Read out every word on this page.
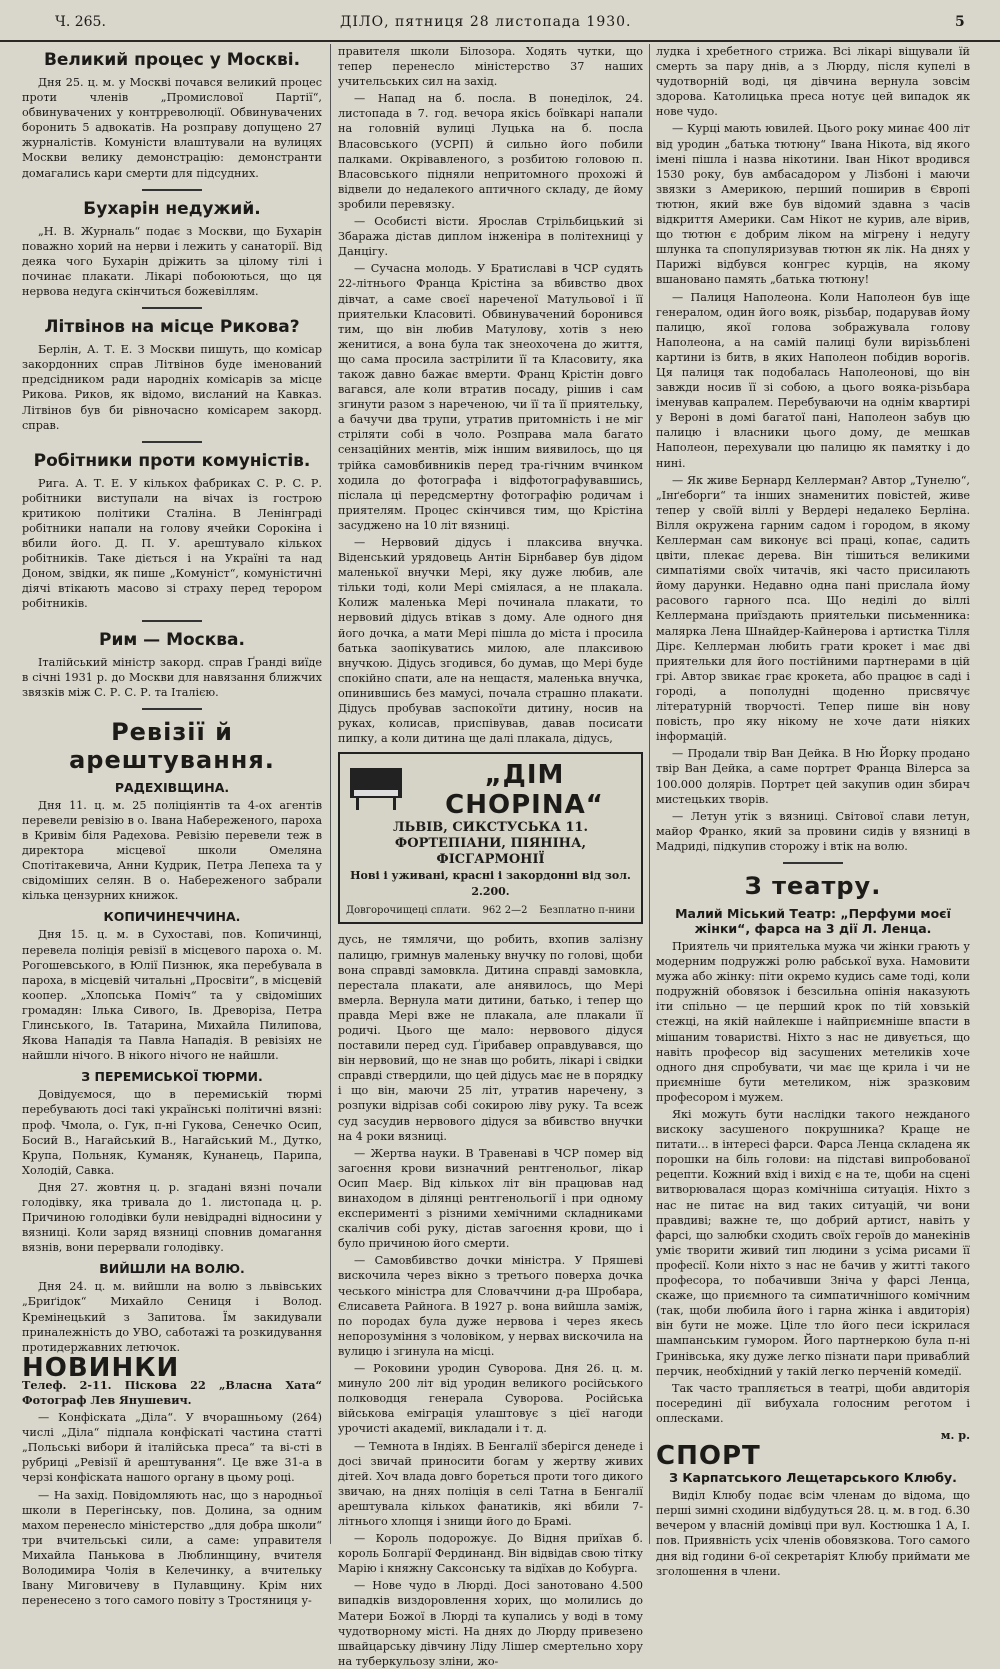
Ч. 265.	ДІЛО, пятниця 28 листопада 1930.	5
Великий процес у Москві.

Дня 25. ц. м. у Москві почався великий процес проти членів „Промислової Партії“, обвинувачених у контрреволюції. Обвинувачених боронить 5 адвокатів. На розправу допущено 27 журналістів. Комуністи влаштували на вулицях Москви велику демонстрацію: демонстранти домагались кари смерти для підсудних.

Бухарін недужий.

„Н. В. Журналь“ подає з Москви, що Бухарін поважно хорий на нерви і лежить у санаторії. Від деяка чого Бухарін дріжить за цілому тілі і починає плакати. Лікарі побоюються, що ця нервова недуга скінчиться божевіллям.

Літвінов на місце Рикова?

Берлін, А. Т. Е. З Москви пишуть, що комісар закордонних справ Літвінов буде іменований предсідником ради народніх комісарів за місце Рикова. Риков, як відомо, висланий на Кавказ. Літвінов був би рівночасно комісарем закорд. справ.

Робітники проти комуністів.

Рига. А. Т. Е. У кількох фабриках С. Р. С. Р. робітники виступали на вічах із гострою критикою політики Сталіна. В Ленінграді робітники напали на голову ячейки Сорокіна і вбили його. Д. П. У. арештувало кількох робітників. Таке діється і на Україні та над Доном, звідки, як пише „Комуніст“, комуністичні діячі втікають масово зі страху перед терором робітників.

Рим — Москва.

Італійський міністр закорд. справ Ґранді виїде в січні 1931 р. до Москви для навязання ближчих звязків між С. Р. С. Р. та Італією.

Ревізії й арештування.
РАДЕХІВЩИНА.

Дня 11. ц. м. 25 поліціянтів та 4-ох агентів перевели ревізію в о. Івана Набереженого, пароха в Кривім біля Радехова. Ревізію перевели теж в директора місцевої школи Омеляна Спотітакевича, Анни Кудрик, Петра Лепеха та у свідоміших селян. В о. Набереженого забрали кілька цензурних книжок.

КОПИЧИНЕЧЧИНА.

Дня 15. ц. м. в Сухоставі, пов. Копичинці, перевела поліція ревізії в місцевого пароха о. М. Рогошевського, в Юлії Пизнюк, яка перебувала в пароха, в місцевій читальні „Просвіти“, в місцевій коопер. „Хлопська Поміч“ та у свідоміших громадян: Ількa Сивого, Ів. Древоріза, Петра Глинського, Ів. Татарина, Михайла Пилипова, Якова Нападія та Павла Нападія. В ревізіях не найшли нічого. В нікого нічого не найшли.

З ПЕРЕМИСЬКОЇ ТЮРМИ.

Довідуємося, що в перемиській тюрмі перебувають досі такі українські політичні вязні: проф. Чмола, о. Гук, п-ні Гукова, Сенечко Осип, Босий В., Нагайський В., Нагайський М., Дутко, Крупа, Польняк, Куманяк, Кунанець, Парипа, Холодій, Савка.

Дня 27. жовтня ц. р. згадані вязні почали голодівку, яка тривала до 1. листопада ц. р. Причиною голодівки були невідрадні відносини у вязниці. Коли заряд вязниці сповнив домагання вязнів, вони перервали голодівку.

ВИЙШЛИ НА ВОЛЮ.

Дня 24. ц. м. вийшли на волю з львівських „Бриґідок“ Михайло Сениця і Волод. Кремінецький з Запитова. Їм закидували приналежність до УВО, саботажі та розкидування протидержавних летючок.

НОВИНКИ

Телеф. 2-11. Піскова 22 „Власна Хата“ Фотограф Лев Янушевич.

— Конфіската „Діла“. У вчорашньому (264) числі „Діла“ підпала конфіскаті частина статті „Польські вибори й італійська преса“ та ві-сті в рубриці „Ревізії й арештування“. Це вже 31-а в черзі конфіската нашого органу в цьому році.

— На захід. Повідомляють нас, що з народньої школи в Перегінську, пов. Долина, за одним махом перенесло міністерство „для добра школи“ три вчительські сили, а саме: управителя Михайла Панькова в Люблинщину, вчителя Володимира Чолія в Келечинку, а вчительку Івану Миговичеву в Пулавщину. Крім них перенесено з того самого повіту з Тростяниця у-

правителя школи Білозора. Ходять чутки, що тепер перенесло міністерство 37 наших учительських сил на захід.

— Напад на б. посла. В понеділок, 24. листопада в 7. год. вечора якісь боївкарі напали на головній вулиці Луцька на б. посла Власовського (УСРП) й сильно його побили палками. Окрівавленого, з розбитою головою п. Власовського підняли непритомного прохожі й відвели до недалекого аптичного складу, де йому зробили перевязку.

— Особисті вісти. Ярослав Стрільбицький зі Збаража дістав диплом інженіра в політехниці у Данцігу.

— Сучасна молодь. У Братиславі в ЧСР судять 22-літнього Франца Крістіна за вбивство двох дівчат, а саме своєї нареченої Матульової і її приятельки Класовиті. Обвинувачений боронився тим, що він любив Матулову, хотів з нею женитися, а вона була так знеохочена до життя, що сама просила застрілити її та Класовиту, яка також давно бажає вмерти. Франц Крістін довго вагався, але коли втратив посаду, рішив і сам згинути разом з нареченою, чи її та її приятельку, а бачучи два трупи, утратив притомність і не міг стріляти собі в чоло. Розправа мала багато сензаційних ментів, між іншим виявилось, що ця трійка самовбивників перед тра-гічним вчинком ходила до фотографа і відфотографувавшись, післала ці передсмертну фотографію родичам і приятелям. Процес скінчився тим, що Крістіна засуджено на 10 літ вязниці.

— Нервовий дідусь і плаксива внучка. Віденський урядовець Антін Бірнбавер був дідом маленької внучки Мері, яку дуже любив, але тільки тоді, коли Мері сміялася, а не плакала. Колиж маленька Мері починала плакати, то нервовий дідусь втікав з дому. Але одного дня його дочка, а мати Мері пішла до міста і просила батька заопікуватись милою, але плаксивою внучкою. Дідусь згодився, бо думав, що Мері буде спокійно спати, але на нещастя, маленька внучка, опинившись без мамусі, почала страшно плакати. Дідусь пробував заспокоїти дитину, носив на руках, колисав, приспівував, давав посисати пипку, а коли дитина ще далі плакала, дідусь,

„ДІМ CHOPINA“
ЛЬВІВ, СИКСТУСЬКА 11.
ФОРТЕПІАНИ, ПІЯНІНА, ФІСГАРМОНІЇ
Нові і уживані, красні і закордонні від зол. 2.200.
Довгорочищеці сплати. 962 2—2 Безплатно п-нини

дусь, не тямлячи, що робить, вхопив залізну палицю, гримнув маленьку внучку по голові, щоби вона справді замовкла. Дитина справді замовкла, перестала плакати, але анявилось, що Мері вмерла. Вернула мати дитини, батько, і тепер що правда Мері вже не плакала, але плакали її родичі. Цього ще мало: нервового дідуся поставили перед суд. Ґірибавер оправдувався, що він нервовий, що не знав що робить, лікарі і свідки справді ствердили, що цей дідусь має не в порядку і що він, маючи 25 літ, утратив наречену, з розпуки відрізав собі сокирою ліву руку. Та всеж суд засудив нервового дідуся за вбивство внучки на 4 роки вязниці.

— Жертва науки. В Травенаві в ЧСР помер від загоєння крови визначний рентгенольог, лікар Осип Маєр. Від кількох літ він працював над винаходом в ділянці рентгенольогії і при одному експерименті з різними хемічними складниками скалічив собі руку, дістав загоєння крови, що і було причиною його смерти.

— Самовбивство дочки міністра. У Пряшеві вискочила через вікно з третього поверха дочка чеського міністра для Словаччини д-ра Шробара, Єлисавета Райнога. В 1927 р. вона вийшла заміж, по породах була дуже нервова і через якесь непорозуміння з чоловіком, у нервах вискочила на вулицю і згинула на місці.

— Роковини уродин Суворова. Дня 26. ц. м. минуло 200 літ від уродин великого російського полководця генерала Суворова. Російська військова еміграція улаштовує з цієї нагоди урочисті академії, викладали і т. д.

— Темнота в Індіях. В Бенгалії зберігся денеде і досі звичай приносити богам у жертву живих дітей. Хоч влада довго бореться проти того дикого звичаю, на днях поліція в селі Татна в Бенгалії арештувала кількох фанатиків, які вбили 7-літнього хлопця і знищи його до Брамі.

— Король подорожує. До Відня приїхав б. король Болгарії Фердинанд. Він відвідав свою тітку Марію і княжну Саксонську та відїхав до Кобурга.

— Нове чудо в Люрді. Досі занотовано 4.500 випадків виздоровлення хорих, що молились до Матери Божої в Люрді та купались у воді в тому чудотворному місті. На днях до Люрду привезено швайцарську дівчину Ліду Лішер смертельно хору на туберкульозу зліни, жо-

лудка і хребетного стрижа. Всі лікарі віщували їй смерть за пару днів, а з Люрду, після купелі в чудотворній воді, ця дівчина вернула зовсім здорова. Католицька преса нотує цей випадок як нове чудо.

— Курці мають ювилей. Цього року минає 400 літ від уродин „батька тютюну“ Івана Нікота, від якого імені пішла і назва нікотини. Іван Нікот вродився 1530 року, був амбасадором у Лізбоні і маючи звязки з Америкою, перший поширив в Європі тютюн, який вже був відомий здавна з часів відкриття Америки. Сам Нікот не курив, але вірив, що тютюн є добрим ліком на мігрену і недугу шлунка та спопуляризував тютюн як лік. На днях у Парижі відбувся конгрес курців, на якому вшановано память „батька тютюну!

— Палиця Наполеона. Коли Наполеон був іще генералом, один його вояк, різьбар, подарував йому палицю, якої голова зображувала голову Наполеона, а на самій палиці були вирізьблені картини із битв, в яких Наполеон побідив ворогів. Ця палиця так подобалась Наполеонові, що він завжди носив її зі собою, а цього вояка-різьбара іменував капралем. Перебуваючи на однім квартирі у Вероні в домі багатої пані, Наполеон забув цю палицю і власники цього дому, де мешкав Наполеон, перехували цю палицю як памятку і до нині.

— Як живе Бернард Келлерман? Автор „Тунелю“, „Інґеборги“ та інших знаменитих повістей, живе тепер у своїй віллі у Вердері недалеко Берліна. Вілля окружена гарним садом і городом, в якому Келлерман сам виконує всі праці, копає, садить цвіти, плекає дерева. Він тішиться великими симпатіями своїх читачів, які часто присилають йому дарунки. Недавно одна пані прислала йому расового гарного пса. Що неділі до віллі Келлермана приїздають приятельки письменника: малярка Лена Шнайдер-Кайнерова і артистка Тілля Дірє. Келлерман любить грати крокет і має дві приятельки для його постійними партнерами в цій грі. Автор звикає грає крокета, або працює в саді і городі, а пополудні щоденно присвячує літературній творчості. Тепер пише він нову повість, про яку нікому не хоче дати ніяких інформацій.

— Продали твір Ван Дейка. В Ню Йорку продано твір Ван Дейка, а саме портрет Франца Вілерса за 100.000 долярів. Портрет цей закупив один збирач мистецьких творів.

— Летун утік з вязниці. Світової слави летун, майор Франко, який за провини сидів у вязниці в Мадриді, підкупив сторожу і втік на волю.

З театру.
Малий Міський Театр: „Перфуми моєї жінки“, фарса на 3 дії Л. Ленца.

Приятель чи приятелька мужа чи жінки грають у модерним подружжі ролю рабської вуха. Намовити мужа або жінку: піти окремо кудись саме тоді, коли подружній обовязок і безсильна опінія наказують іти спільно — це перший крок по тій ховзькій стежці, на якій найлекше і найприємніше впасти в мішаним товаристві. Ніхто з нас не дивується, що навіть професор від засушених метеликів хоче одного дня спробувати, чи має ще крила і чи не приємніше бути метеликом, ніж зразковим професором і мужем.

Які можуть бути наслідки такого нежданого вискоку засушеного покрушника? Краще не питати… в інтересі фарси. Фарса Ленца складена як порошки на біль голови: на підставі випробованої рецепти. Кожний вхід і вихід є на те, щоби на сцені витворювалася щораз комічніша ситуація. Ніхто з нас не питає на вид таких ситуацій, чи вони правдиві; важне те, що добрий артист, навіть у фарсі, що залюбки сходить своїх героїв до манекінів уміє творити живий тип людини з усіма рисами її професії. Коли ніхто з нас не бачив у житті такого професора, то побачивши Зніча у фарсі Ленца, скаже, що приємного та симпатичнішого комічним (так, щоби любила його і гарна жінка і авдиторія) він бути не може. Ціле тло його песи іскрилася шампанським гумором. Його партнеркою була п-ні Гринівська, яку дуже легко пізнати пари приваблий перчик, необхідний у такій легко перченій комедії.

Так часто трапляється в театрі, щоби авдиторія посередині дії вибухала голосним реготом і оплесками.

м. р.
СПОРТ
З Карпатського Лещетарського Клюбу.

Виділ Клюбу подає всім членам до відома, що перші зимні сходини відбудуться 28. ц. м. в год. 6.30 вечером у власній домівці при вул. Костюшка 1 А, І. пов. Приявність усіх членів обовязкова. Того самого дня від години 6-ої секретаріят Клюбу приймати ме зголошення в члени.
